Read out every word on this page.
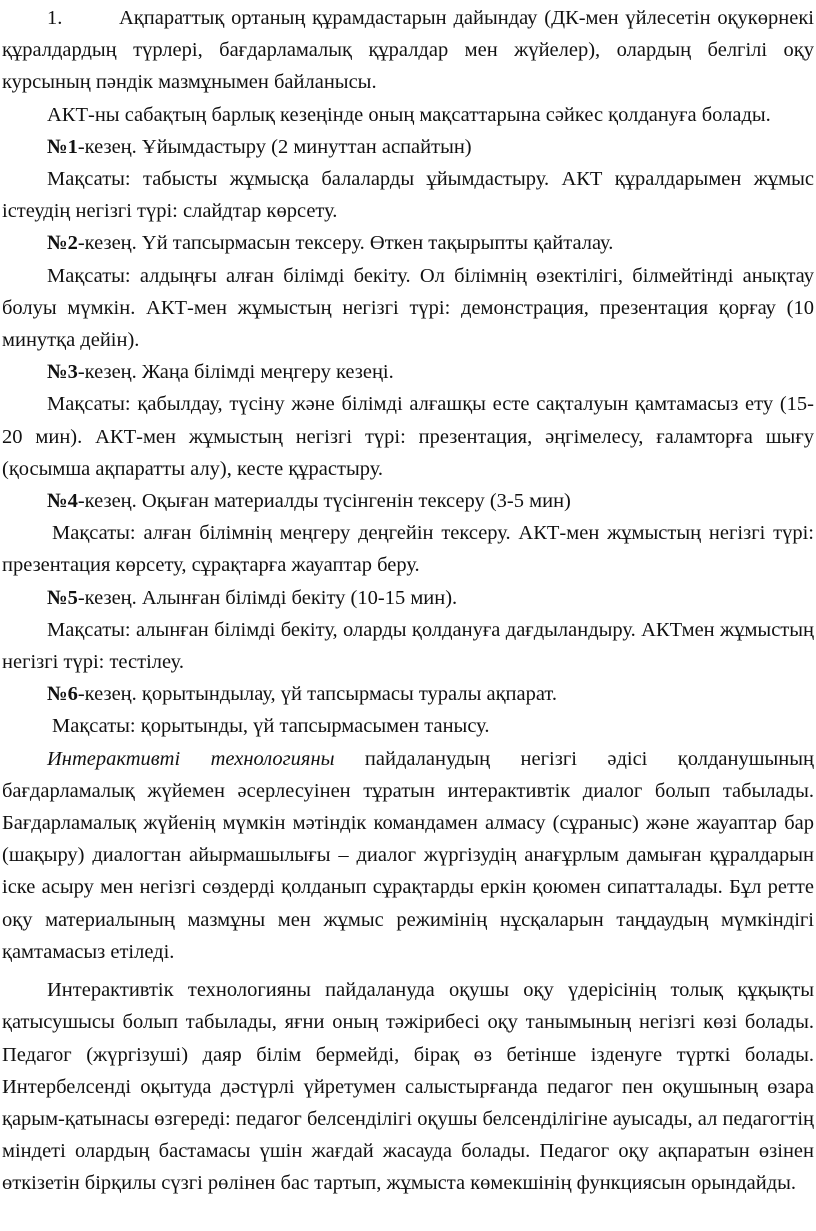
1.	Ақпараттық ортаның құрамдастарын дайындау (ДК-мен үйлесетін оқукөрнекі құралдардың түрлері, бағдарламалық құралдар мен жүйелер), олардың белгілі оқу курсының пәндік мазмұнымен байланысы.

АКТ-ны сабақтың барлық кезеңінде оның мақсаттарына сәйкес қолдануға болады.

№1-кезең. Ұйымдастыру (2 минуттан аспайтын)

Мақсаты: табысты жұмысқа балаларды ұйымдастыру. АКТ құралдарымен жұмыс істеудің негізгі түрі: слайдтар көрсету.

№2-кезең. Үй тапсырмасын тексеру. Өткен тақырыпты қайталау.

Мақсаты: алдыңғы алған білімді бекіту. Ол білімнің өзектілігі, білмейтінді анықтау болуы мүмкін. АКТ-мен жұмыстың негізгі түрі: демонстрация, презентация қорғау (10 минутқа дейін).

№3-кезең. Жаңа білімді меңгеру кезеңі.

Мақсаты: қабылдау, түсіну және білімді алғашқы есте сақталуын қамтамасыз ету (15-20 мин). АКТ-мен жұмыстың негізгі түрі: презентация, әңгімелесу, ғаламторға шығу (қосымша ақпаратты алу), кесте құрастыру.

№4-кезең. Оқыған материалды түсінгенін тексеру (3-5 мин)

Мақсаты: алған білімнің меңгеру деңгейін тексеру. АКТ-мен жұмыстың негізгі түрі: презентация көрсету, сұрақтарға жауаптар беру.

№5-кезең. Алынған білімді бекіту (10-15 мин).

Мақсаты: алынған білімді бекіту, оларды қолдануға дағдыландыру. АКТмен жұмыстың негізгі түрі: тестілеу.

№6-кезең. қорытындылау, үй тапсырмасы туралы ақпарат.

Мақсаты: қорытынды, үй тапсырмасымен танысу.

Интерактивті технологияны пайдаланудың негізгі әдісі қолданушының бағдарламалық жүйемен әсерлесуінен тұратын интерактивтік диалог болып табылады. Бағдарламалық жүйенің мүмкін мәтіндік командамен алмасу (сұраныс) және жауаптар бар (шақыру) диалогтан айырмашылығы – диалог жүргізудің анағұрлым дамыған құралдарын іске асыру мен негізгі сөздерді қолданып сұрақтарды еркін қоюмен сипатталады. Бұл ретте оқу материалының мазмұны мен жұмыс режимінің нұсқаларын таңдаудың мүмкіндігі қамтамасыз етіледі.

Интерактивтік технологияны пайдалануда оқушы оқу үдерісінің толық құқықты қатысушысы болып табылады, яғни оның тәжірибесі оқу танымының негізгі көзі болады. Педагог (жүргізуші) даяр білім бермейді, бірақ өз бетінше ізденуге түрткі болады. Интербелсенді оқытуда дәстүрлі үйретумен салыстырғанда педагог пен оқушының өзара қарым-қатынасы өзгереді: педагог белсенділігі оқушы белсенділігіне ауысады, ал педагогтің міндеті олардың бастамасы үшін жағдай жасауда болады. Педагог оқу ақпаратын өзінен өткізетін бірқилы сүзгі рөлінен бас тартып, жұмыста көмекшінің функциясын орындайды.
